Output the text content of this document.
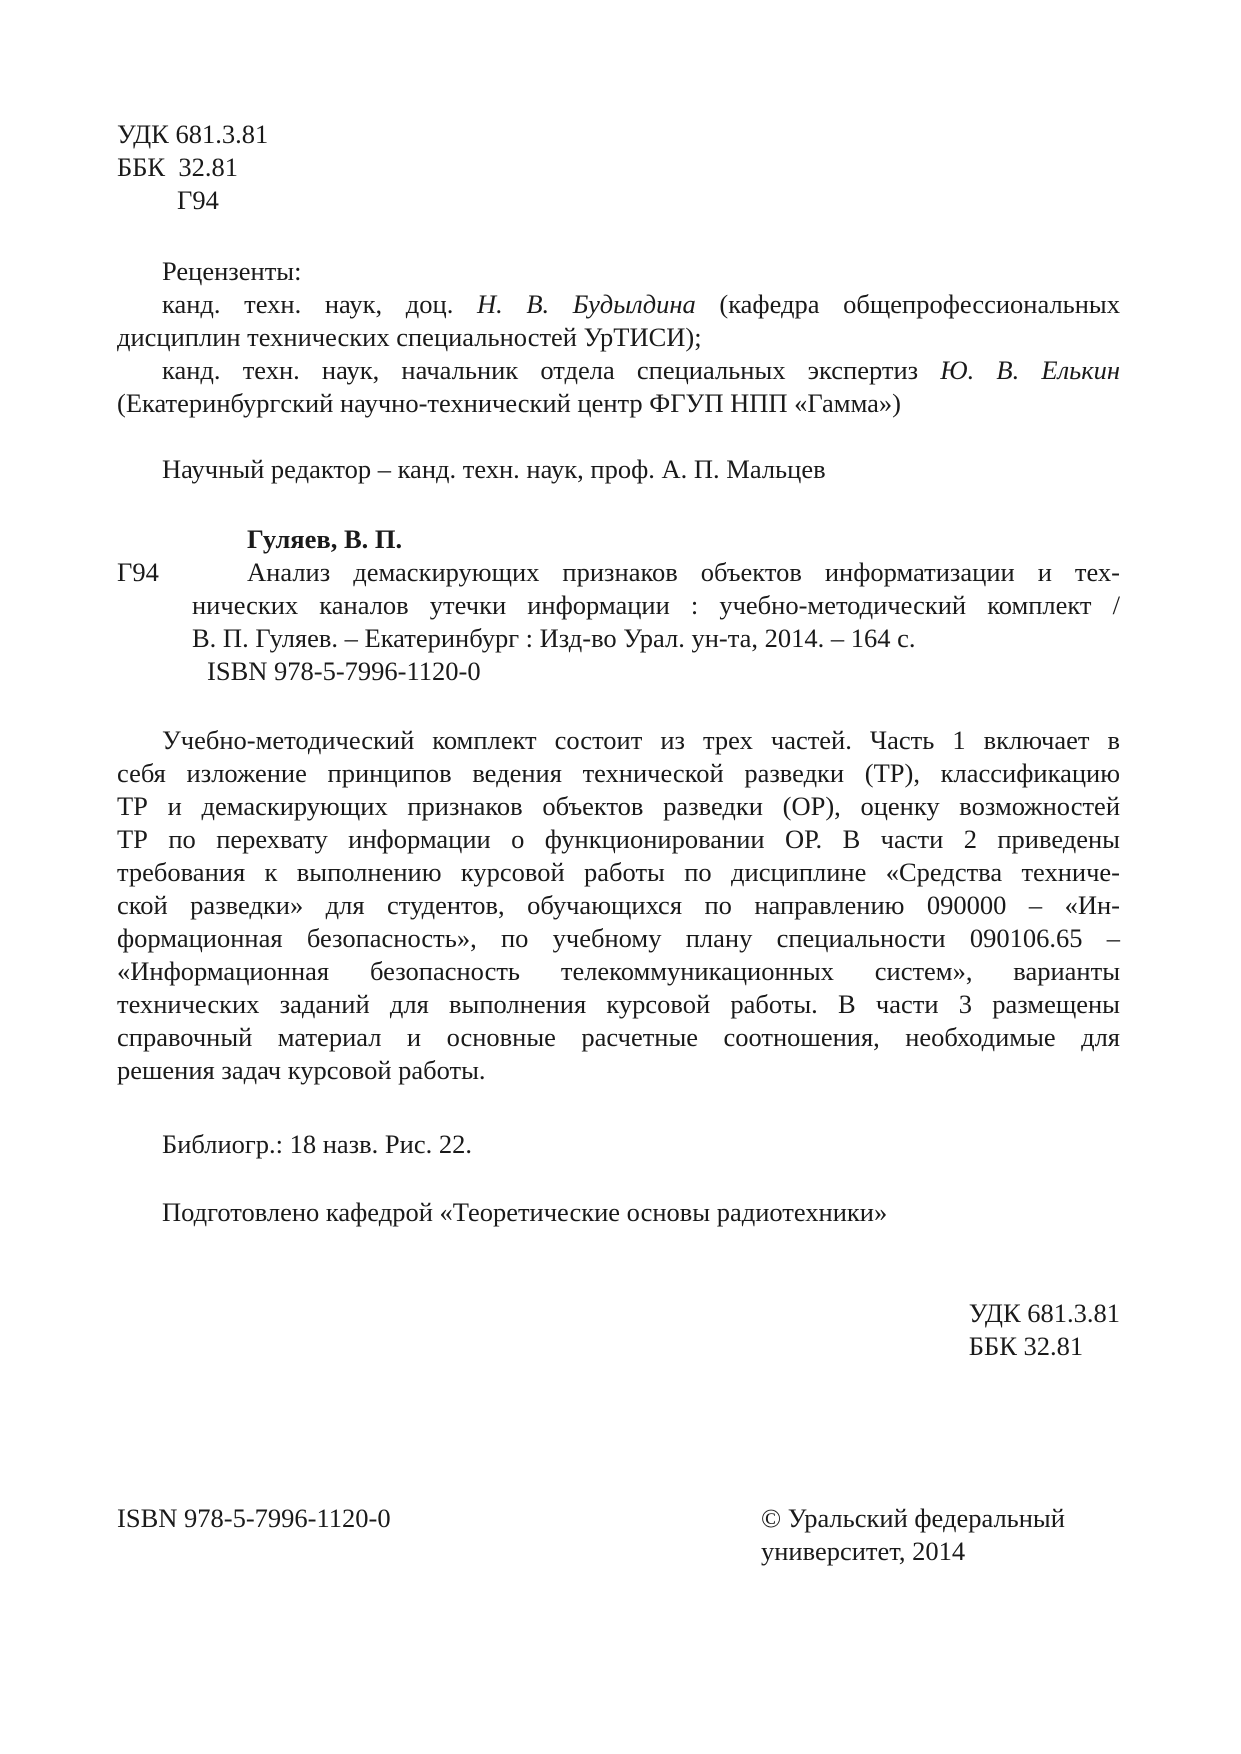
УДК 681.3.81
ББК  32.81
Г94
Рецензенты:
канд. техн. наук, доц. Н. В. Будылдина (кафедра общепрофессиональных
дисциплин технических специальностей УрТИСИ);
канд. техн. наук, начальник отдела специальных экспертиз Ю. В. Елькин
(Екатеринбургский научно-технический центр ФГУП НПП «Гамма»)
Научный редактор – канд. техн. наук, проф. А. П. Мальцев
Гуляев, В. П.
Г94	Анализ демаскирующих признаков объектов информатизации и тех-
нических каналов утечки информации : учебно-методический комплект /
В. П. Гуляев. – Екатеринбург : Изд-во Урал. ун-та, 2014. – 164 с.
ISBN 978-5-7996-1120-0
Учебно-методический комплект состоит из трех частей. Часть 1 включает в
себя изложение принципов ведения технической разведки (ТР), классификацию
ТР и демаскирующих признаков объектов разведки (ОР), оценку возможностей
ТР по перехвату информации о функционировании ОР. В части 2 приведены
требования к выполнению курсовой работы по дисциплине «Средства техниче-
ской разведки» для студентов, обучающихся по направлению 090000 – «Ин-
формационная безопасность», по учебному плану специальности 090106.65 –
«Информационная безопасность телекоммуникационных систем», варианты
технических заданий для выполнения курсовой работы. В части 3 размещены
справочный материал и основные расчетные соотношения, необходимые для
решения задач курсовой работы.
Библиогр.: 18 назв. Рис. 22.
Подготовлено кафедрой «Теоретические основы радиотехники»
УДК 681.3.81
ББК 32.81
ISBN 978-5-7996-1120-0	© Уральский федеральный
университет, 2014
